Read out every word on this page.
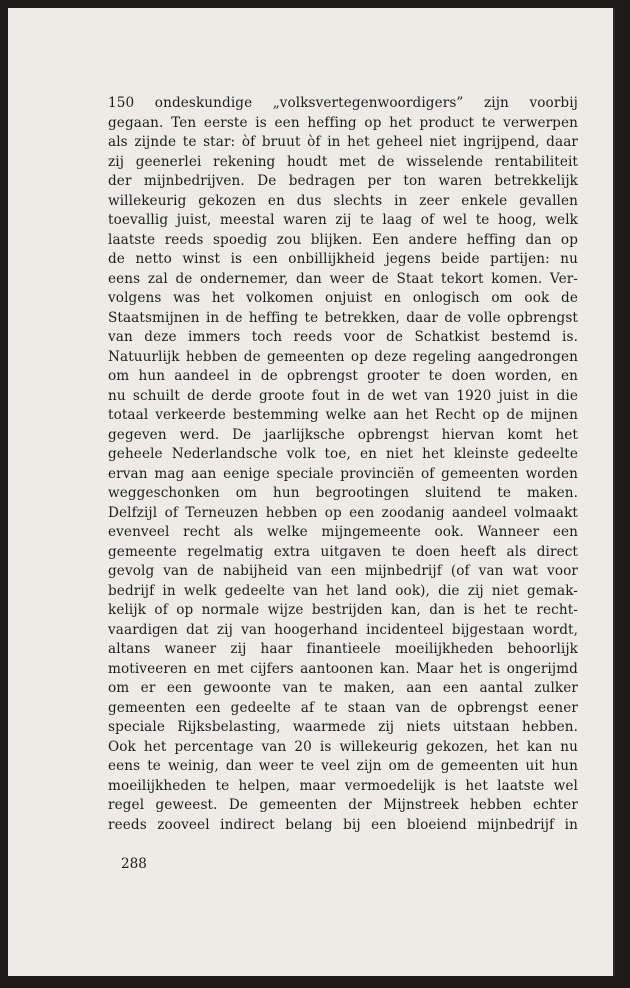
150 ondeskundige „volksvertegenwoordigers” zijn voorbij
gegaan. Ten eerste is een heffing op het product te verwerpen
als zijnde te star: òf bruut òf in het geheel niet ingrijpend, daar
zij geenerlei rekening houdt met de wisselende rentabiliteit
der mijnbedrijven. De bedragen per ton waren betrekkelijk
willekeurig gekozen en dus slechts in zeer enkele gevallen
toevallig juist, meestal waren zij te laag of wel te hoog, welk
laatste reeds spoedig zou blijken. Een andere heffing dan op
de netto winst is een onbillijkheid jegens beide partijen: nu
eens zal de ondernemer, dan weer de Staat tekort komen. Ver-
volgens was het volkomen onjuist en onlogisch om ook de
Staatsmijnen in de heffing te betrekken, daar de volle opbrengst
van deze immers toch reeds voor de Schatkist bestemd is.
Natuurlijk hebben de gemeenten op deze regeling aangedrongen
om hun aandeel in de opbrengst grooter te doen worden, en
nu schuilt de derde groote fout in de wet van 1920 juist in die
totaal verkeerde bestemming welke aan het Recht op de mijnen
gegeven werd. De jaarlijksche opbrengst hiervan komt het
geheele Nederlandsche volk toe, en niet het kleinste gedeelte
ervan mag aan eenige speciale provinciën of gemeenten worden
weggeschonken om hun begrootingen sluitend te maken.
Delfzijl of Terneuzen hebben op een zoodanig aandeel volmaakt
evenveel recht als welke mijngemeente ook. Wanneer een
gemeente regelmatig extra uitgaven te doen heeft als direct
gevolg van de nabijheid van een mijnbedrijf (of van wat voor
bedrijf in welk gedeelte van het land ook), die zij niet gemak-
kelijk of op normale wijze bestrijden kan, dan is het te recht-
vaardigen dat zij van hoogerhand incidenteel bijgestaan wordt,
altans waneer zij haar finantieele moeilijkheden behoorlijk
motiveeren en met cijfers aantoonen kan. Maar het is ongerijmd
om er een gewoonte van te maken, aan een aantal zulker
gemeenten een gedeelte af te staan van de opbrengst eener
speciale Rijksbelasting, waarmede zij niets uitstaan hebben.
Ook het percentage van 20 is willekeurig gekozen, het kan nu
eens te weinig, dan weer te veel zijn om de gemeenten uit hun
moeilijkheden te helpen, maar vermoedelijk is het laatste wel
regel geweest. De gemeenten der Mijnstreek hebben echter
reeds zooveel indirect belang bij een bloeiend mijnbedrijf in
288
